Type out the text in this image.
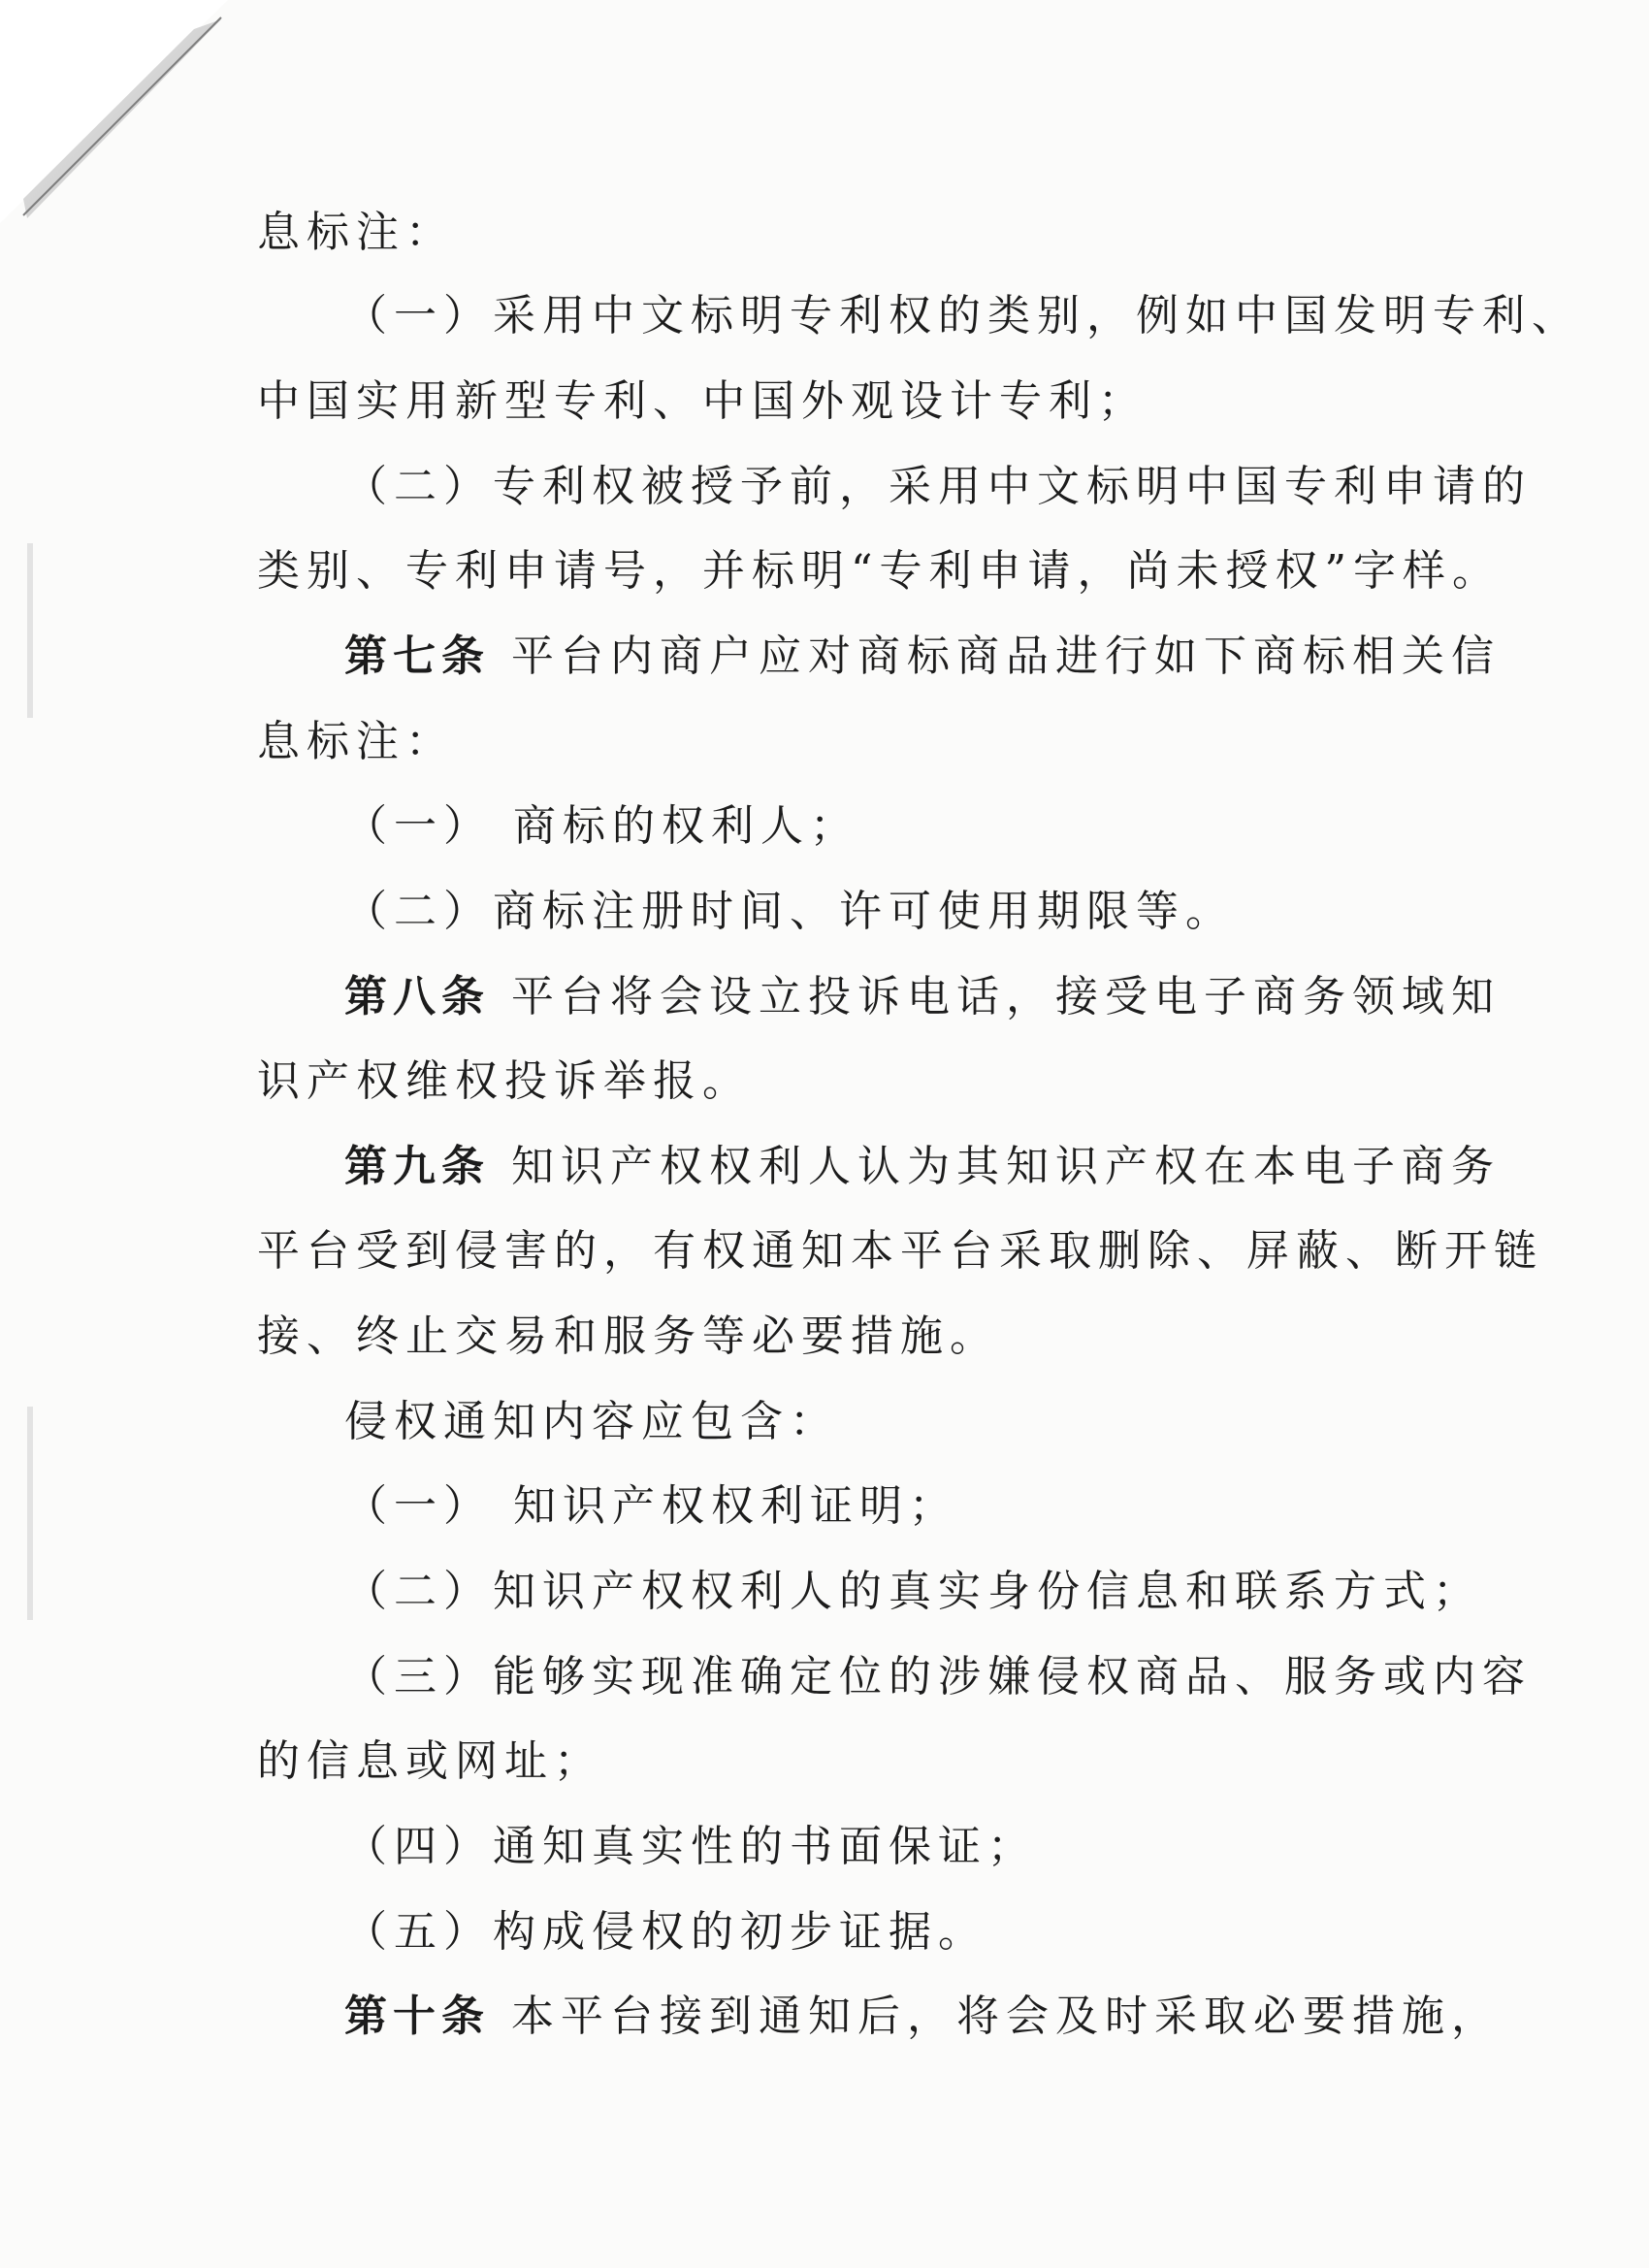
息标注：
（一）采用中文标明专利权的类别，例如中国发明专利、
中国实用新型专利、中国外观设计专利；
（二）专利权被授予前，采用中文标明中国专利申请的
类别、专利申请号，并标明“专利申请，尚未授权”字样。
第七条 平台内商户应对商标商品进行如下商标相关信
息标注：
（一） 商标的权利人；
（二）商标注册时间、许可使用期限等。
第八条 平台将会设立投诉电话，接受电子商务领域知
识产权维权投诉举报。
第九条 知识产权权利人认为其知识产权在本电子商务
平台受到侵害的，有权通知本平台采取删除、屏蔽、断开链
接、终止交易和服务等必要措施。
侵权通知内容应包含：
（一） 知识产权权利证明；
（二）知识产权权利人的真实身份信息和联系方式；
（三）能够实现准确定位的涉嫌侵权商品、服务或内容
的信息或网址；
（四）通知真实性的书面保证；
（五）构成侵权的初步证据。
第十条 本平台接到通知后，将会及时采取必要措施，
